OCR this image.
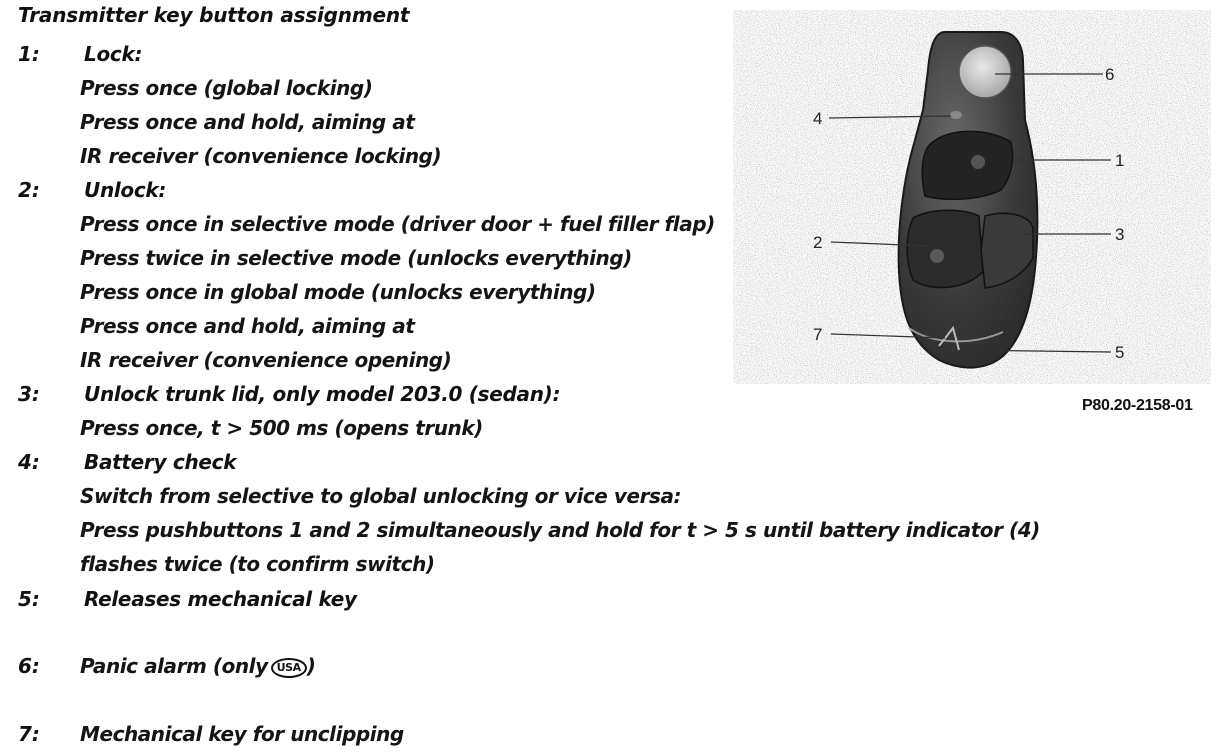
Transmitter key button assignment
1: Lock:
Press once (global locking)
Press once and hold, aiming at
IR receiver (convenience locking)
2: Unlock:
Press once in selective mode (driver door + fuel filler flap)
Press twice in selective mode (unlocks everything)
Press once in global mode (unlocks everything)
Press once and hold, aiming at
IR receiver (convenience opening)
3: Unlock trunk lid, only model 203.0 (sedan):
Press once, t > 500 ms (opens trunk)
4: Battery check
Switch from selective to global unlocking or vice versa:
Press pushbuttons 1 and 2 simultaneously and hold for t > 5 s until battery indicator (4)
flashes twice (to confirm switch)
5: Releases mechanical key
6: Panic alarm (only USA )
7: Mechanical key for unclipping
6
4
1
3
2
7
5
P80.20-2158-01
